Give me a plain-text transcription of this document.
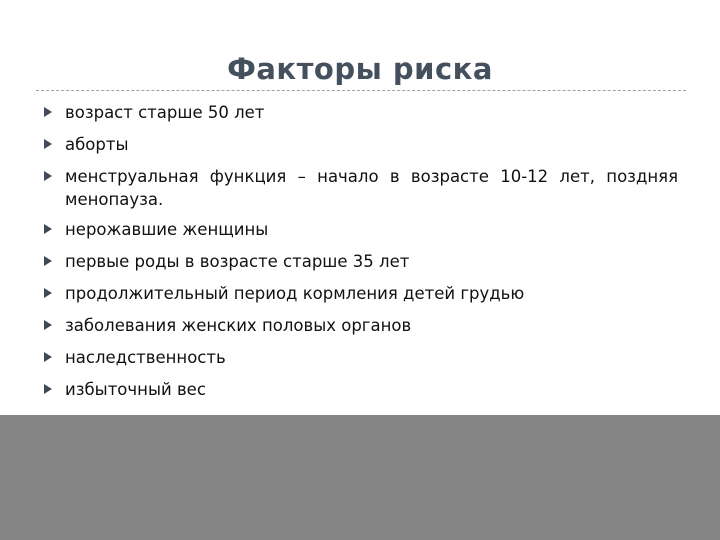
Факторы риска
возраст старше 50 лет
аборты
менструальная функция – начало в возрасте 10-12 лет, поздняя менопауза.
нерожавшие женщины
первые роды в возрасте старше 35 лет
продолжительный период кормления детей грудью
заболевания женских половых органов
наследственность
избыточный вес
